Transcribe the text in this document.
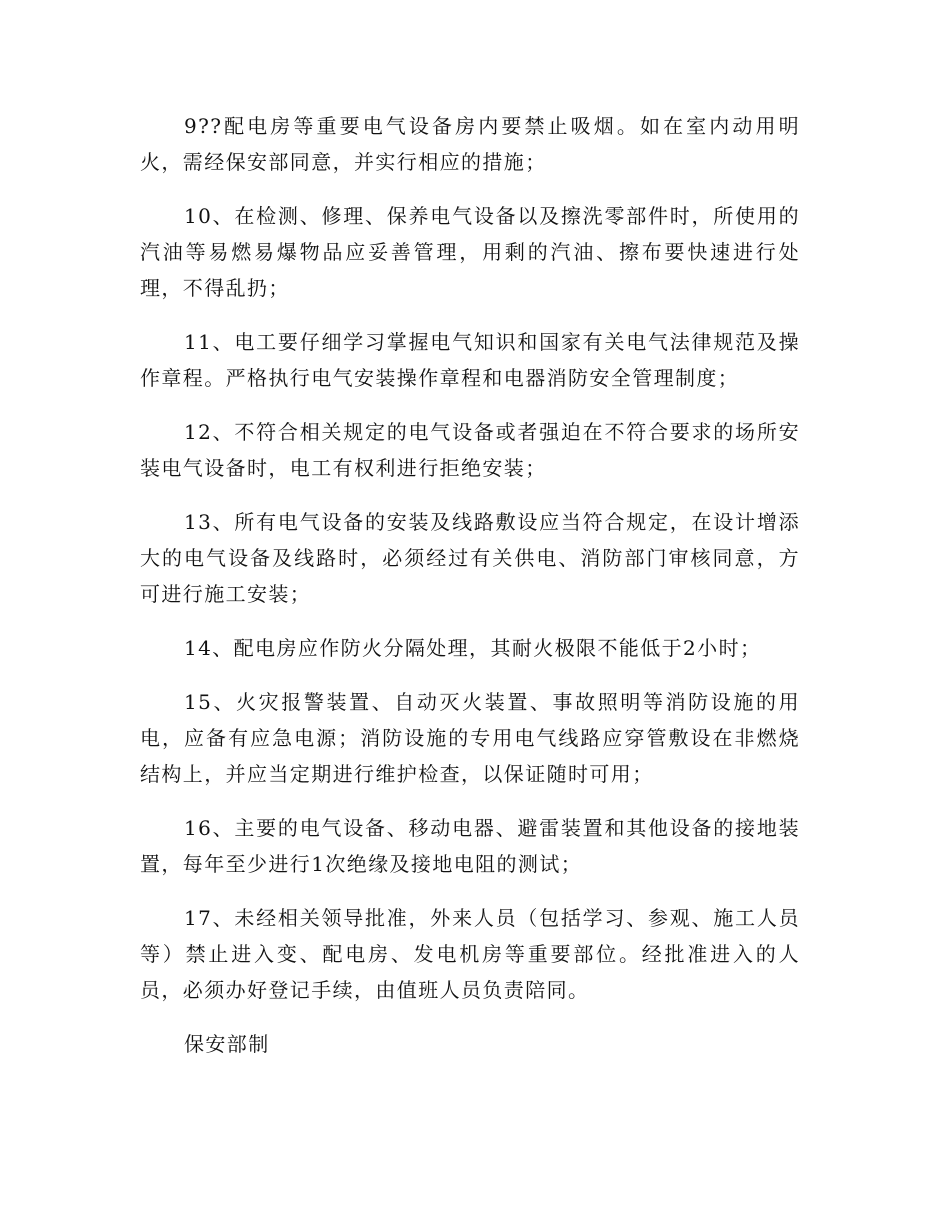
9??配电房等重要电气设备房内要禁止吸烟。如在室内动用明火，需经保安部同意，并实行相应的措施；

10、在检测、修理、保养电气设备以及擦洗零部件时，所使用的汽油等易燃易爆物品应妥善管理，用剩的汽油、擦布要快速进行处理，不得乱扔；

11、电工要仔细学习掌握电气知识和国家有关电气法律规范及操作章程。严格执行电气安装操作章程和电器消防安全管理制度；

12、不符合相关规定的电气设备或者强迫在不符合要求的场所安装电气设备时，电工有权利进行拒绝安装；

13、所有电气设备的安装及线路敷设应当符合规定，在设计增添大的电气设备及线路时，必须经过有关供电、消防部门审核同意，方可进行施工安装；

14、配电房应作防火分隔处理，其耐火极限不能低于2小时；

15、火灾报警装置、自动灭火装置、事故照明等消防设施的用电，应备有应急电源；消防设施的专用电气线路应穿管敷设在非燃烧结构上，并应当定期进行维护检查，以保证随时可用；

16、主要的电气设备、移动电器、避雷装置和其他设备的接地装置，每年至少进行1次绝缘及接地电阻的测试；

17、未经相关领导批准，外来人员（包括学习、参观、施工人员等）禁止进入变、配电房、发电机房等重要部位。经批准进入的人员，必须办好登记手续，由值班人员负责陪同。

保安部制
